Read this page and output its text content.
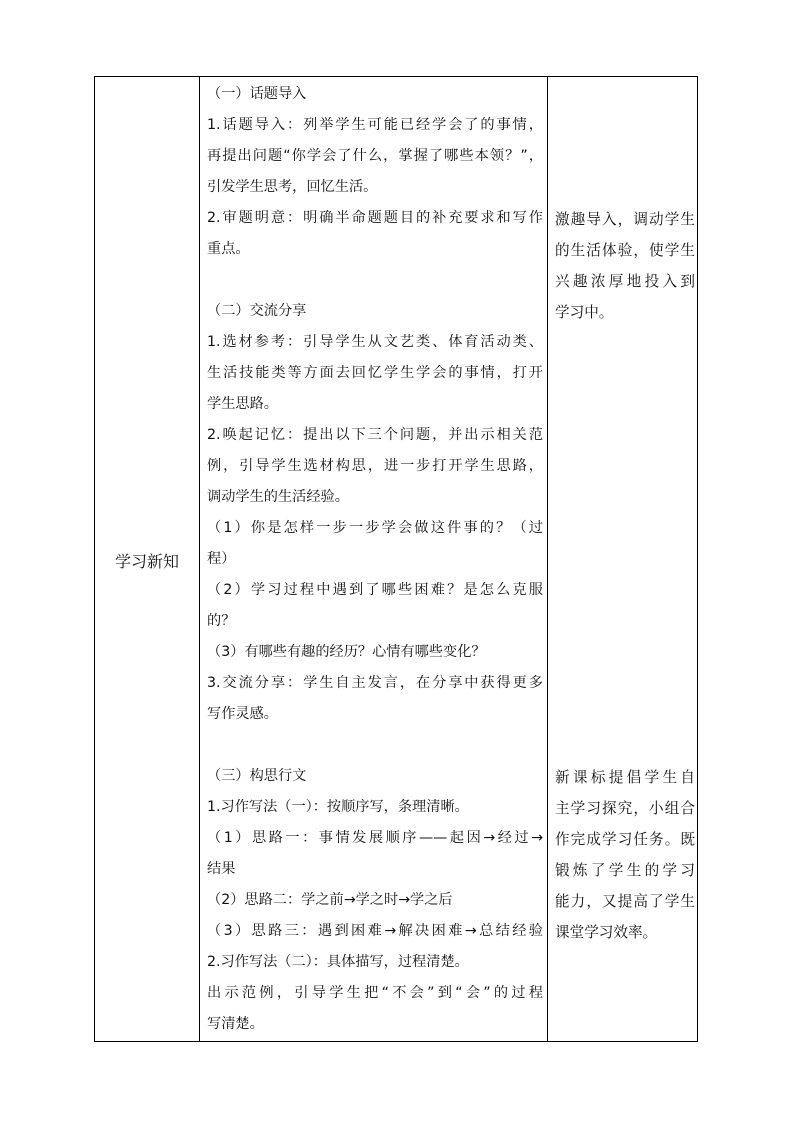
学习新知
（一）话题导入
1.话题导入：列举学生可能已经学会了的事情，
再提出问题“你学会了什么，掌握了哪些本领？”，
引发学生思考，回忆生活。
2.审题明意：明确半命题题目的补充要求和写作
重点。
（二）交流分享
1.选材参考：引导学生从文艺类、体育活动类、
生活技能类等方面去回忆学生学会的事情，打开
学生思路。
2.唤起记忆：提出以下三个问题，并出示相关范
例，引导学生选材构思，进一步打开学生思路，
调动学生的生活经验。
（1）你是怎样一步一步学会做这件事的？（过
程）
（2）学习过程中遇到了哪些困难？是怎么克服
的？
（3）有哪些有趣的经历？心情有哪些变化？
3.交流分享：学生自主发言，在分享中获得更多
写作灵感。
（三）构思行文
1.习作写法（一）：按顺序写，条理清晰。
（1）思路一：事情发展顺序——起因→经过→
结果
（2）思路二：学之前→学之时→学之后
（3）思路三：遇到困难→解决困难→总结经验
2.习作写法（二）：具体描写，过程清楚。
出示范例，引导学生把“不会”到“会”的过程
写清楚。
激趣导入，调动学生
的生活体验，使学生
兴趣浓厚地投入到
学习中。
新课标提倡学生自
主学习探究，小组合
作完成学习任务。既
锻炼了学生的学习
能力，又提高了学生
课堂学习效率。
